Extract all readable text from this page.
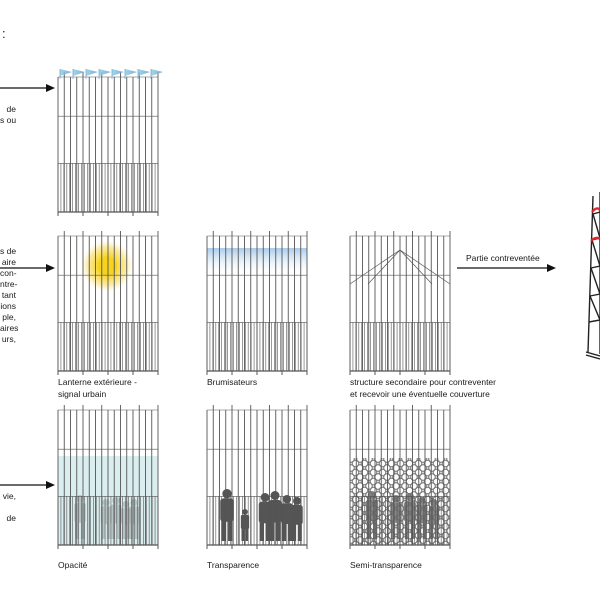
:
de
s ou
s de
aire
con-
ntre-
tant
ions
ple,
aires
urs,
vie,

de
Lanterne extérieure -
signal urbain
Brumisateurs	structure secondaire pour contreventer
et recevoir une éventuelle couverture
Opacité	Transparence	Semi-transparence
Partie contreventée
